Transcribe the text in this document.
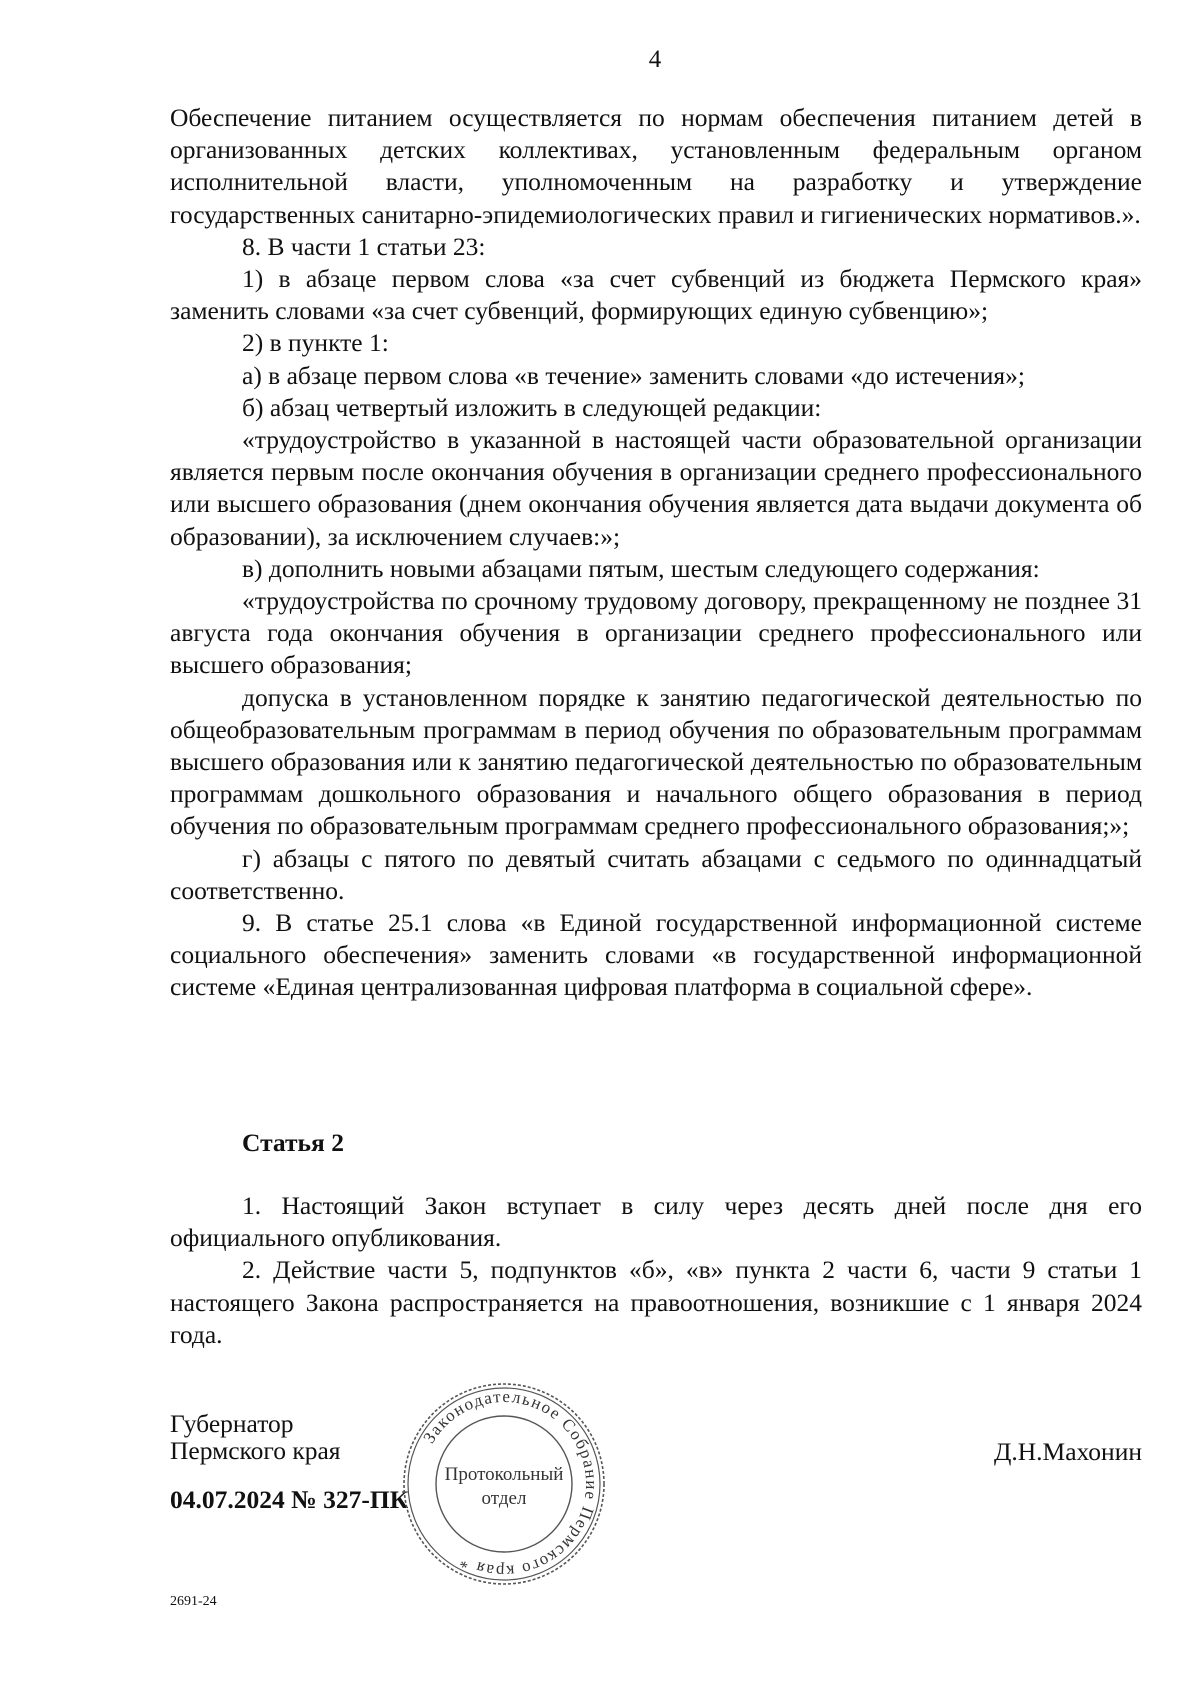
4

Обеспечение питанием осуществляется по нормам обеспечения питанием детей в организованных детских коллективах, установленным федеральным органом исполнительной власти, уполномоченным на разработку и утверждение государственных санитарно-эпидемиологических правил и гигиенических нормативов.».

8. В части 1 статьи 23:

1) в абзаце первом слова «за счет субвенций из бюджета Пермского края» заменить словами «за счет субвенций, формирующих единую субвенцию»;

2) в пункте 1:

а) в абзаце первом слова «в течение» заменить словами «до истечения»;

б) абзац четвертый изложить в следующей редакции:

«трудоустройство в указанной в настоящей части образовательной организации является первым после окончания обучения в организации среднего профессионального или высшего образования (днем окончания обучения является дата выдачи документа об образовании), за исключением случаев:»;

в) дополнить новыми абзацами пятым, шестым следующего содержания:

«трудоустройства по срочному трудовому договору, прекращенному не позднее 31 августа года окончания обучения в организации среднего профессионального или высшего образования;

допуска в установленном порядке к занятию педагогической деятельностью по общеобразовательным программам в период обучения по образовательным программам высшего образования или к занятию педагогической деятельностью по образовательным программам дошкольного образования и начального общего образования в период обучения по образовательным программам среднего профессионального образования;»;

г) абзацы с пятого по девятый считать абзацами с седьмого по одиннадцатый соответственно.

9. В статье 25.1 слова «в Единой государственной информационной системе социального обеспечения» заменить словами «в государственной информационной системе «Единая централизованная цифровая платформа в социальной сфере».

Статья 2

1. Настоящий Закон вступает в силу через десять дней после дня его официального опубликования.

2. Действие части 5, подпунктов «б», «в» пункта 2 части 6, части 9 статьи 1 настоящего Закона распространяется на правоотношения, возникшие с 1 января 2024 года.

Губернатор
Пермского края	Д.Н.Махонин
04.07.2024 № 327-ПК
2691-24
Законодательное Собрание Пермского края *
Протокольный
отдел
